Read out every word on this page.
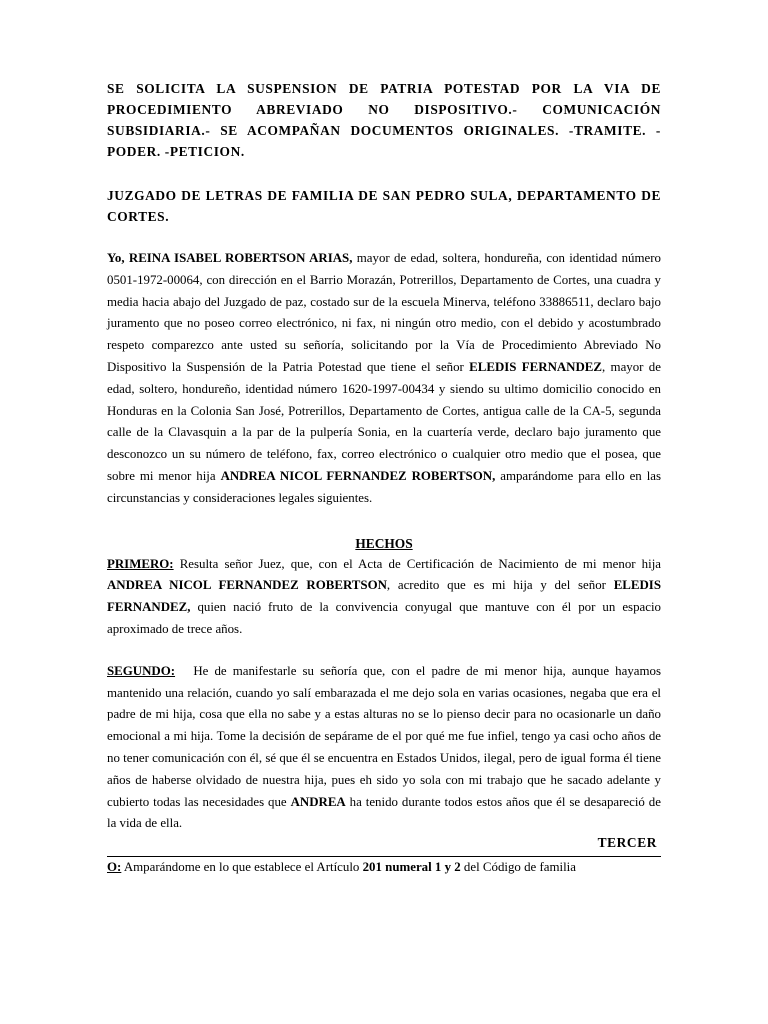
SE SOLICITA LA SUSPENSION DE PATRIA POTESTAD POR LA VIA DE PROCEDIMIENTO ABREVIADO NO DISPOSITIVO.- COMUNICACIÓN SUBSIDIARIA.- SE ACOMPAÑAN DOCUMENTOS ORIGINALES. -TRAMITE. -PODER. -PETICION.

JUZGADO DE LETRAS DE FAMILIA DE SAN PEDRO SULA, DEPARTAMENTO DE CORTES.

Yo, REINA ISABEL ROBERTSON ARIAS, mayor de edad, soltera, hondureña, con identidad número 0501-1972-00064, con dirección en el Barrio Morazán, Potrerillos, Departamento de Cortes, una cuadra y media hacia abajo del Juzgado de paz, costado sur de la escuela Minerva, teléfono 33886511, declaro bajo juramento que no poseo correo electrónico, ni fax, ni ningún otro medio, con el debido y acostumbrado respeto comparezco ante usted su señoría, solicitando por la Vía de Procedimiento Abreviado No Dispositivo la Suspensión de la Patria Potestad que tiene el señor ELEDIS FERNANDEZ, mayor de edad, soltero, hondureño, identidad número 1620-1997-00434 y siendo su ultimo domicilio conocido en Honduras en la Colonia San José, Potrerillos, Departamento de Cortes, antigua calle de la CA-5, segunda calle de la Clavasquin a la par de la pulpería Sonia, en la cuartería verde, declaro bajo juramento que desconozco un su número de teléfono, fax, correo electrónico o cualquier otro medio que el posea, que sobre mi menor hija ANDREA NICOL FERNANDEZ ROBERTSON, amparándome para ello en las circunstancias y consideraciones legales siguientes.

HECHOS

PRIMERO: Resulta señor Juez, que, con el Acta de Certificación de Nacimiento de mi menor hija ANDREA NICOL FERNANDEZ ROBERTSON, acredito que es mi hija y del señor ELEDIS FERNANDEZ, quien nació fruto de la convivencia conyugal que mantuve con él por un espacio aproximado de trece años.

SEGUNDO:   He de manifestarle su señoría que, con el padre de mi menor hija, aunque hayamos mantenido una relación, cuando yo salí embarazada el me dejo sola en varias ocasiones, negaba que era el padre de mi hija, cosa que ella no sabe y a estas alturas no se lo pienso decir para no ocasionarle un daño emocional a mi hija. Tome la decisión de sepárame de el por qué me fue infiel, tengo ya casi ocho años de no tener comunicación con él, sé que él se encuentra en Estados Unidos, ilegal, pero de igual forma él tiene años de haberse olvidado de nuestra hija, pues eh sido yo sola con mi trabajo que he sacado adelante y cubierto todas las necesidades que ANDREA ha tenido durante todos estos años que él se desapareció de la vida de ella.

TERCER

O: Amparándome en lo que establece el Artículo 201 numeral 1 y 2 del Código de familia
